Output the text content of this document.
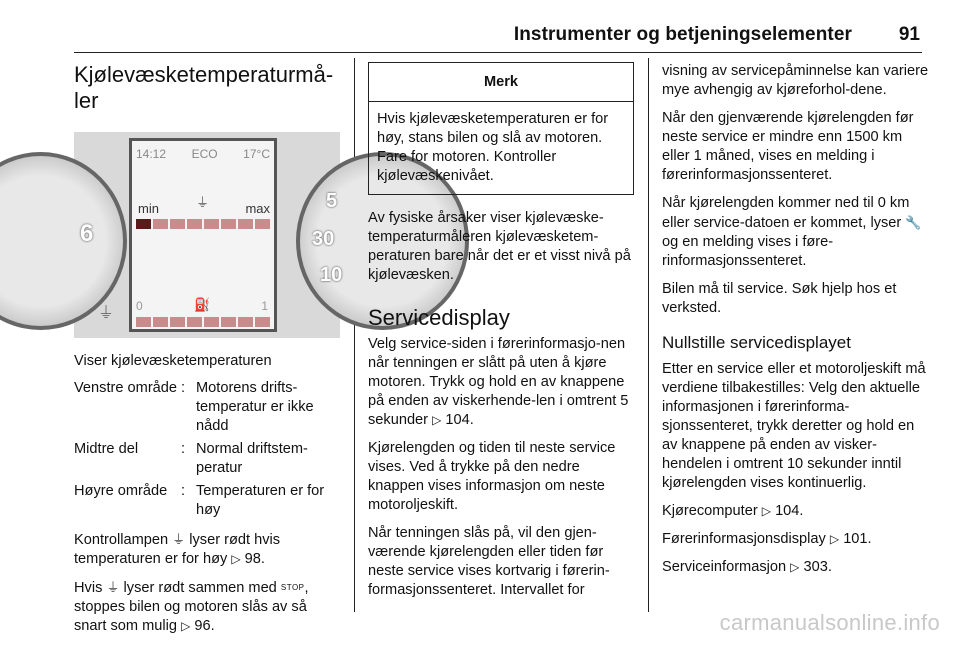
Instrumenter og betjeningselementer 91
Kjølevæsketemperaturmå-ler
6
⏚
5
30
10
14:12 ECO 17°C
min	⏚	max
0	⛽	1

Viser kjølevæsketemperaturen

Venstre område : Motorens drifts-temperatur er ikke nådd
Midtre del	: Normal driftstem-peratur
Høyre område : Temperaturen er for høy

Kontrollampen ⏚ lyser rødt hvis temperaturen er for høy ▷ 98.

Hvis ⏚ lyser rødt sammen med STOP, stoppes bilen og motoren slås av så snart som mulig ▷ 96.

Merk
Hvis kjølevæsketemperaturen er for høy, stans bilen og slå av motoren. Fare for motoren. Kontroller kjølevæskenivået.

Av fysiske årsaker viser kjølevæske-temperaturmåleren kjølevæsketem-peraturen bare når det er et visst nivå på kjølevæsken.

Servicedisplay

Velg service-siden i førerinformasjo-nen når tenningen er slått på uten å kjøre motoren. Trykk og hold en av knappene på enden av viskerhende-len i omtrent 5 sekunder ▷ 104.

Kjørelengden og tiden til neste service vises. Ved å trykke på den nedre knappen vises informasjon om neste motoroljeskift.

Når tenningen slås på, vil den gjen-værende kjørelengden eller tiden før neste service vises kortvarig i førerin-formasjonssenteret. Intervallet for

visning av servicepåminnelse kan variere mye avhengig av kjøreforhol-dene.

Når den gjenværende kjørelengden før neste service er mindre enn 1500 km eller 1 måned, vises en melding i førerinformasjonssenteret.

Når kjørelengden kommer ned til 0 km eller service-datoen er kommet, lyser 🔧 og en melding vises i føre-rinformasjonssenteret.

Bilen må til service. Søk hjelp hos et verksted.

Nullstille servicedisplayet

Etter en service eller et motoroljeskift må verdiene tilbakestilles: Velg den aktuelle informasjonen i førerinforma-sjonssenteret, trykk deretter og hold en av knappene på enden av visker-hendelen i omtrent 10 sekunder inntil kjørelengden vises kontinuerlig.

Kjørecomputer ▷ 104.

Førerinformasjonsdisplay ▷ 101.

Serviceinformasjon ▷ 303.

carmanualsonline.info
